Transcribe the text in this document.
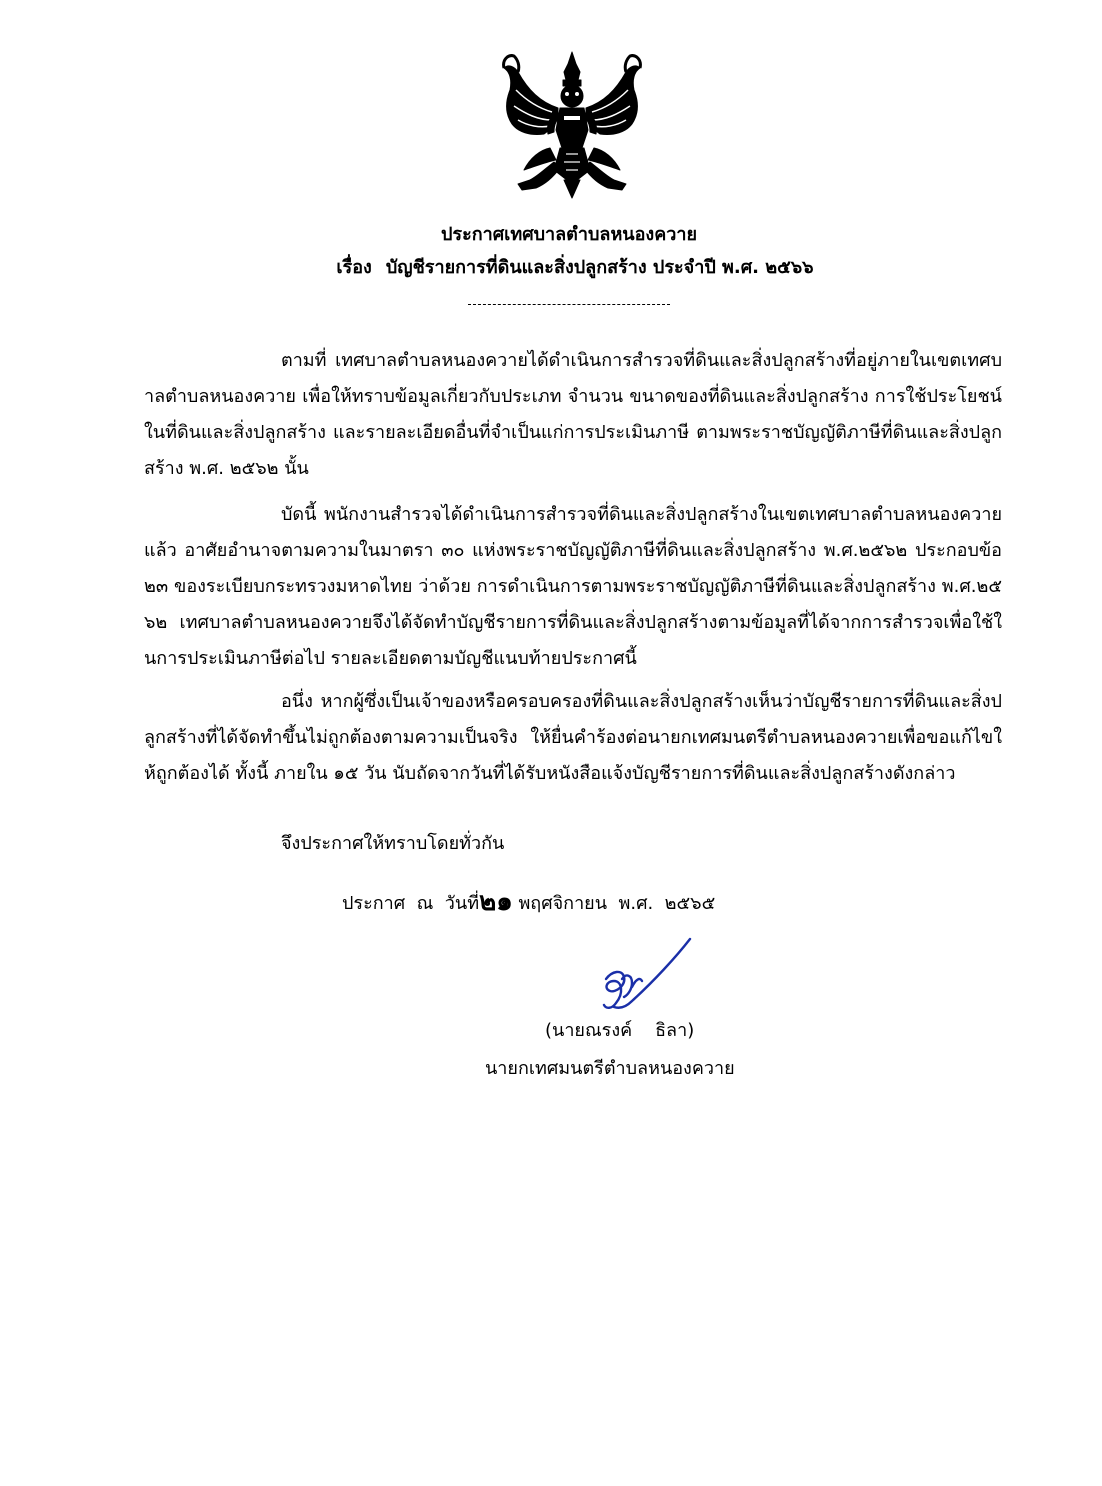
ประกาศเทศบาลตำบลหนองควาย
เรื่อง บัญชีรายการที่ดินและสิ่งปลูกสร้าง ประจำปี พ.ศ. ๒๕๖๖
ตามที่ เทศบาลตำบลหนองควายได้ดำเนินการสำรวจที่ดินและสิ่งปลูกสร้างที่อยู่ภายในเขตเทศบาลตำบลหนองควาย เพื่อให้ทราบข้อมูลเกี่ยวกับประเภท จำนวน ขนาดของที่ดินและสิ่งปลูกสร้าง การใช้ประโยชน์ในที่ดินและสิ่งปลูกสร้าง และรายละเอียดอื่นที่จำเป็นแก่การประเมินภาษี ตามพระราชบัญญัติภาษีที่ดินและสิ่งปลูกสร้าง พ.ศ. ๒๕๖๒ นั้น
บัดนี้ พนักงานสำรวจได้ดำเนินการสำรวจที่ดินและสิ่งปลูกสร้างในเขตเทศบาลตำบลหนองควายแล้ว อาศัยอำนาจตามความในมาตรา ๓๐ แห่งพระราชบัญญัติภาษีที่ดินและสิ่งปลูกสร้าง พ.ศ.๒๕๖๒ ประกอบข้อ ๒๓ ของระเบียบกระทรวงมหาดไทย ว่าด้วย การดำเนินการตามพระราชบัญญัติภาษีที่ดินและสิ่งปลูกสร้าง พ.ศ.๒๕๖๒ เทศบาลตำบลหนองควายจึงได้จัดทำบัญชีรายการที่ดินและสิ่งปลูกสร้างตามข้อมูลที่ได้จากการสำรวจเพื่อใช้ในการประเมินภาษีต่อไป รายละเอียดตามบัญชีแนบท้ายประกาศนี้
อนึ่ง หากผู้ซึ่งเป็นเจ้าของหรือครอบครองที่ดินและสิ่งปลูกสร้างเห็นว่าบัญชีรายการที่ดินและสิ่งปลูกสร้างที่ได้จัดทำขึ้นไม่ถูกต้องตามความเป็นจริง ให้ยื่นคำร้องต่อนายกเทศมนตรีตำบลหนองควายเพื่อขอแก้ไขให้ถูกต้องได้ ทั้งนี้ ภายใน ๑๕ วัน นับถัดจากวันที่ได้รับหนังสือแจ้งบัญชีรายการที่ดินและสิ่งปลูกสร้างดังกล่าว
จึงประกาศให้ทราบโดยทั่วกัน
ประกาศ  ณ  วันที่๒๑ พฤศจิกายน  พ.ศ.  ๒๕๖๕
(นายณรงค์    ธิลา)
นายกเทศมนตรีตำบลหนองควาย
